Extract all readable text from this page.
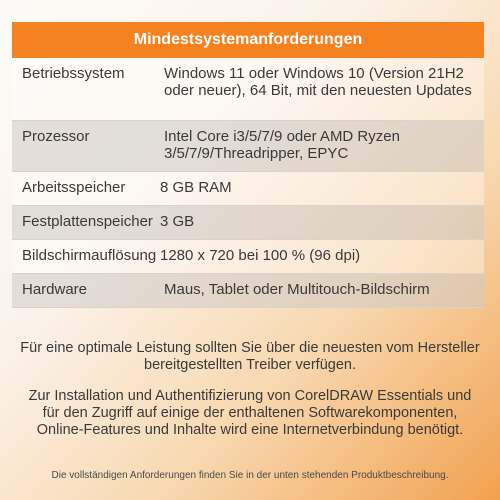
Mindestsystemanforderungen
Betriebssystem	Windows 11 oder Windows 10 (Version 21H2 oder neuer), 64 Bit, mit den neuesten Updates
Prozessor	Intel Core i3/5/7/9 oder AMD Ryzen 3/5/7/9/Threadripper, EPYC
Arbeitsspeicher	8 GB RAM
Festplattenspeicher 3 GB
Bildschirmauflösung 1280 x 720 bei 100 % (96 dpi)
Hardware	Maus, Tablet oder Multitouch-Bildschirm
Für eine optimale Leistung sollten Sie über die neuesten vom Hersteller bereitgestellten Treiber verfügen.
Zur Installation und Authentifizierung von CorelDRAW Essentials und für den Zugriff auf einige der enthaltenen Softwarekomponenten, Online-Features und Inhalte wird eine Internetverbindung benötigt.
Die vollständigen Anforderungen finden Sie in der unten stehenden Produktbeschreibung.
